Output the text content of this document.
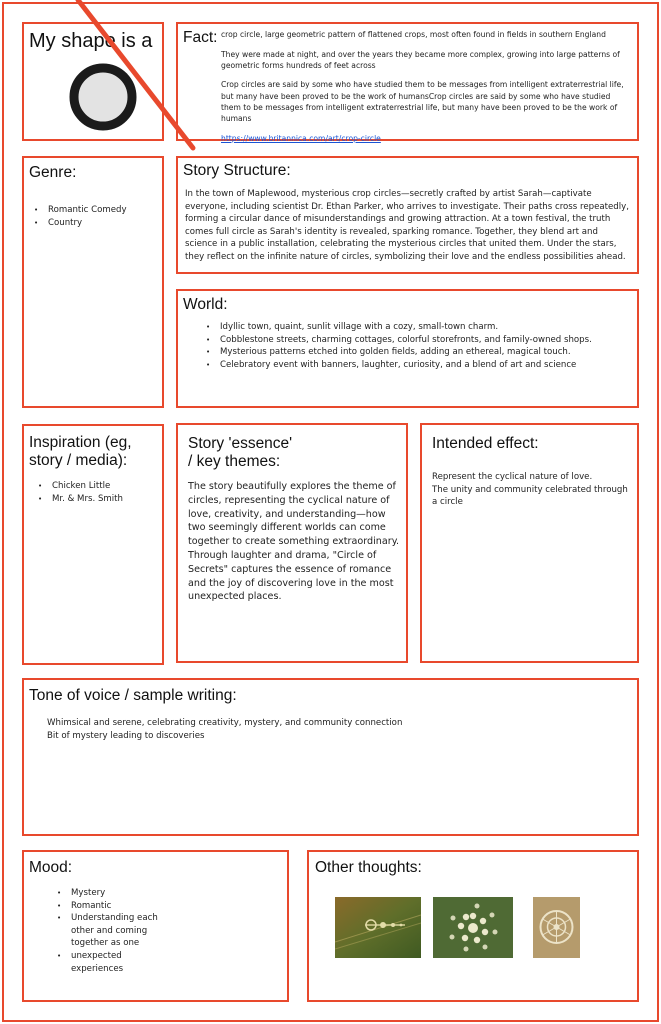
My shape is a Fact: crop circle, large geometric pattern of flattened crops, most often found in fields in southern England

They were made at night, and over the years they became more complex, growing into large patterns of geometric forms hundreds of feet across

Crop circles are said by some who have studied them to be messages from intelligent extraterrestrial life, but many have been proved to be the work of humansCrop circles are said by some who have studied them to be messages from intelligent extraterrestrial life, but many have been proved to be the work of humans

https://www.britannica.com/art/crop-circle
Genre:
• Romantic Comedy
• Country
Story Structure:
In the town of Maplewood, mysterious crop circles—secretly crafted by artist Sarah—captivate everyone, including scientist Dr. Ethan Parker, who arrives to investigate. Their paths cross repeatedly, forming a circular dance of misunderstandings and growing attraction. At a town festival, the truth comes full circle as Sarah's identity is revealed, sparking romance. Together, they blend art and science in a public installation, celebrating the mysterious circles that united them. Under the stars, they reflect on the infinite nature of circles, symbolizing their love and the endless possibilities ahead.
World:
• Idyllic town, quaint, sunlit village with a cozy, small-town charm.
• Cobblestone streets, charming cottages, colorful storefronts, and family-owned shops.
• Mysterious patterns etched into golden fields, adding an ethereal, magical touch.
• Celebratory event with banners, laughter, curiosity, and a blend of art and science
Inspiration (eg, story / media):
• Chicken Little
• Mr. & Mrs. Smith
Story 'essence'
/ key themes:
The story beautifully explores the theme of circles, representing the cyclical nature of love, creativity, and understanding—how two seemingly different worlds can come together to create something extraordinary. Through laughter and drama, "Circle of Secrets" captures the essence of romance and the joy of discovering love in the most unexpected places.
Intended effect:
Represent the cyclical nature of love.
The unity and community celebrated through a circle
Tone of voice / sample writing:
Whimsical and serene, celebrating creativity, mystery, and community connection
Bit of mystery leading to discoveries
Mood:
• Mystery
• Romantic
• Understanding each other and coming together as one
• unexpected experiences
Other thoughts:
